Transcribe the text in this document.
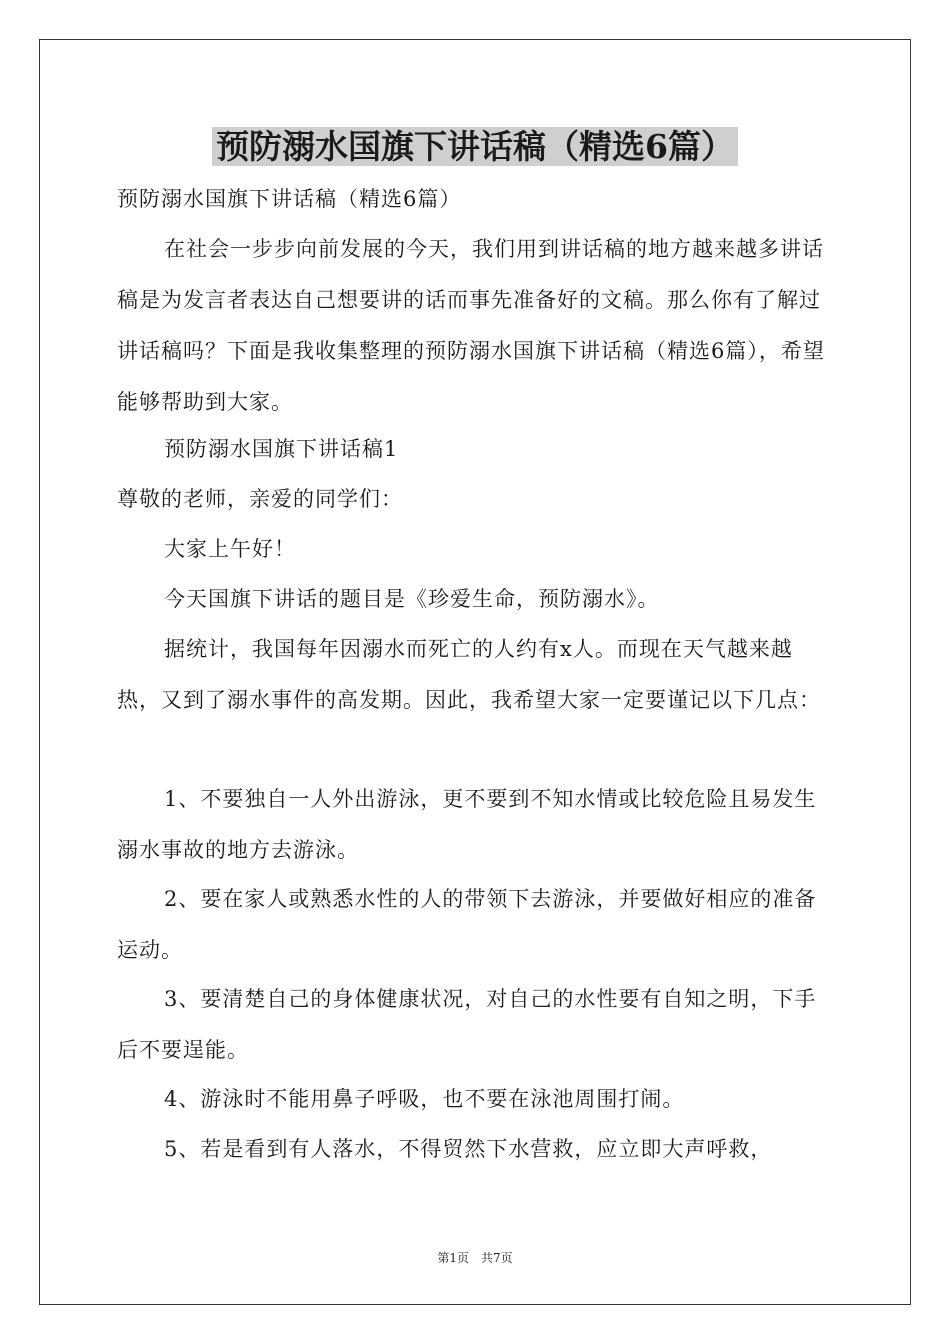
预防溺水国旗下讲话稿（精选6篇）
预防溺水国旗下讲话稿（精选6篇）
在社会一步步向前发展的今天，我们用到讲话稿的地方越来越多讲话稿是为发言者表达自己想要讲的话而事先准备好的文稿。那么你有了解过讲话稿吗？下面是我收集整理的预防溺水国旗下讲话稿（精选6篇），希望能够帮助到大家。
预防溺水国旗下讲话稿1
尊敬的老师，亲爱的同学们：
大家上午好！
今天国旗下讲话的题目是《珍爱生命，预防溺水》。
据统计，我国每年因溺水而死亡的人约有x人。而现在天气越来越热，又到了溺水事件的高发期。因此，我希望大家一定要谨记以下几点：
1、不要独自一人外出游泳，更不要到不知水情或比较危险且易发生溺水事故的地方去游泳。
2、要在家人或熟悉水性的人的带领下去游泳，并要做好相应的准备运动。
3、要清楚自己的身体健康状况，对自己的水性要有自知之明，下手后不要逞能。
4、游泳时不能用鼻子呼吸，也不要在泳池周围打闹。
5、若是看到有人落水，不得贸然下水营救，应立即大声呼救，
第1页　共7页
